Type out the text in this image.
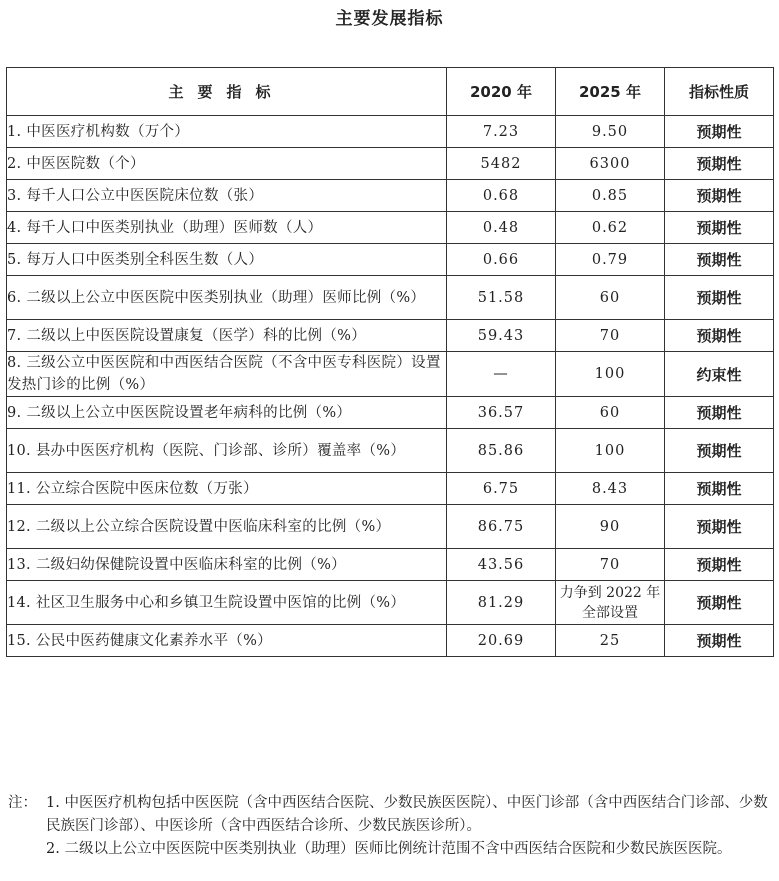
主要发展指标
主要指标	2020 年	2025 年	指标性质
1. 中医医疗机构数（万个）	7.23	9.50	预期性
2. 中医医院数（个）	5482	6300	预期性
3. 每千人口公立中医医院床位数（张）	0.68	0.85	预期性
4. 每千人口中医类别执业（助理）医师数（人）	0.48	0.62	预期性
5. 每万人口中医类别全科医生数（人）	0.66	0.79	预期性
6. 二级以上公立中医医院中医类别执业（助理）医师比例（%）	51.58	60	预期性
7. 二级以上中医医院设置康复（医学）科的比例（%）	59.43	70	预期性
8. 三级公立中医医院和中西医结合医院（不含中医专科医院）设置发热门诊的比例（%）	—	100	约束性
9. 二级以上公立中医医院设置老年病科的比例（%）	36.57	60	预期性
10. 县办中医医疗机构（医院、门诊部、诊所）覆盖率（%）	85.86	100	预期性
11. 公立综合医院中医床位数（万张）	6.75	8.43	预期性
12. 二级以上公立综合医院设置中医临床科室的比例（%）	86.75	90	预期性
13. 二级妇幼保健院设置中医临床科室的比例（%）	43.56	70	预期性
14. 社区卫生服务中心和乡镇卫生院设置中医馆的比例（%）	81.29	力争到 2022 年全部设置	预期性
15. 公民中医药健康文化素养水平（%）	20.69	25	预期性
注： 1. 中医医疗机构包括中医医院（含中西医结合医院、少数民族医医院）、中医门诊部（含中西医结合门诊部、少数民族医门诊部）、中医诊所（含中西医结合诊所、少数民族医诊所）。
2. 二级以上公立中医医院中医类别执业（助理）医师比例统计范围不含中西医结合医院和少数民族医医院。
